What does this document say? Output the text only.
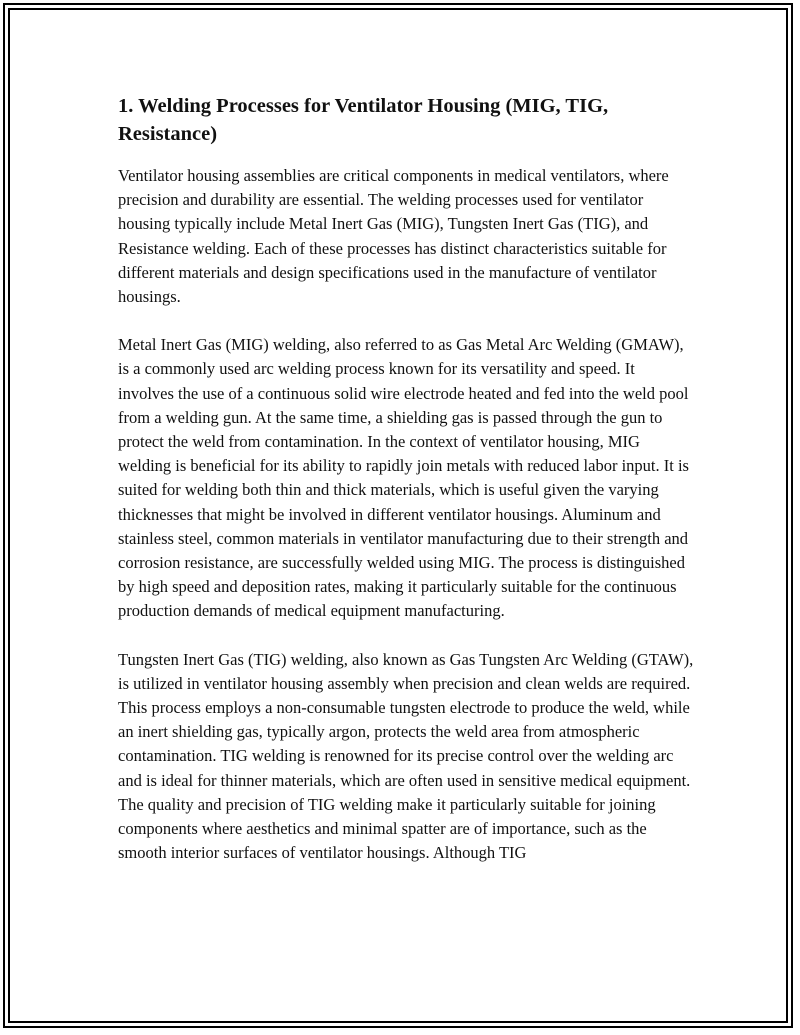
1. Welding Processes for Ventilator Housing (MIG, TIG, Resistance)

Ventilator housing assemblies are critical components in medical ventilators, where precision and durability are essential. The welding processes used for ventilator housing typically include Metal Inert Gas (MIG), Tungsten Inert Gas (TIG), and Resistance welding. Each of these processes has distinct characteristics suitable for different materials and design specifications used in the manufacture of ventilator housings.

Metal Inert Gas (MIG) welding, also referred to as Gas Metal Arc Welding (GMAW), is a commonly used arc welding process known for its versatility and speed. It involves the use of a continuous solid wire electrode heated and fed into the weld pool from a welding gun. At the same time, a shielding gas is passed through the gun to protect the weld from contamination. In the context of ventilator housing, MIG welding is beneficial for its ability to rapidly join metals with reduced labor input. It is suited for welding both thin and thick materials, which is useful given the varying thicknesses that might be involved in different ventilator housings. Aluminum and stainless steel, common materials in ventilator manufacturing due to their strength and corrosion resistance, are successfully welded using MIG. The process is distinguished by high speed and deposition rates, making it particularly suitable for the continuous production demands of medical equipment manufacturing.

Tungsten Inert Gas (TIG) welding, also known as Gas Tungsten Arc Welding (GTAW), is utilized in ventilator housing assembly when precision and clean welds are required. This process employs a non-consumable tungsten electrode to produce the weld, while an inert shielding gas, typically argon, protects the weld area from atmospheric contamination. TIG welding is renowned for its precise control over the welding arc and is ideal for thinner materials, which are often used in sensitive medical equipment. The quality and precision of TIG welding make it particularly suitable for joining components where aesthetics and minimal spatter are of importance, such as the smooth interior surfaces of ventilator housings. Although TIG
